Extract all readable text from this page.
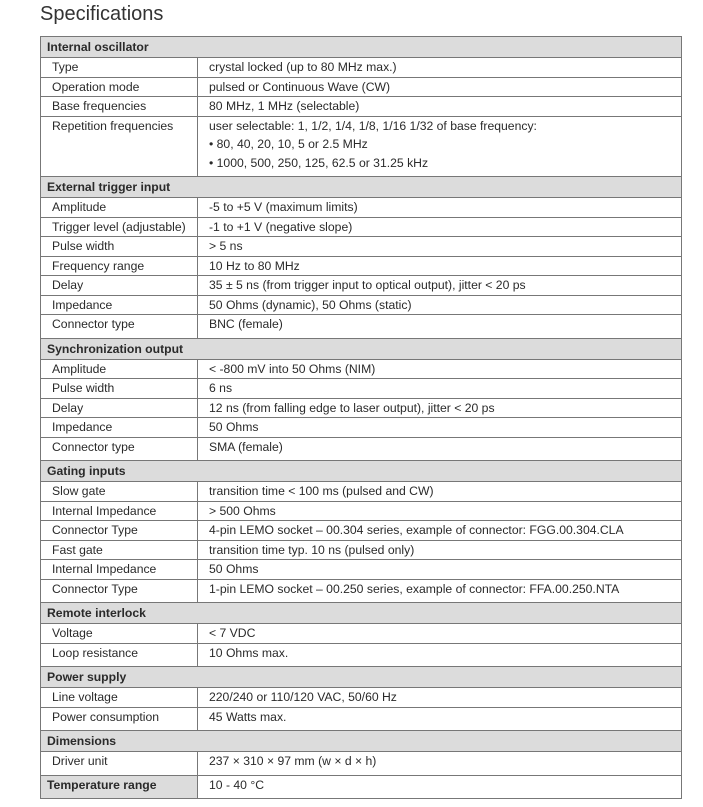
Specifications
Internal oscillator	
Type	crystal locked (up to 80 MHz max.)

Operation mode	pulsed or Continuous Wave (CW)

Base frequencies	80 MHz, 1 MHz (selectable)

Repetition frequencies	user selectable: 1, 1/2, 1/4, 1/8, 1/16 1/32 of base frequency:
• 80, 40, 20, 10, 5 or 2.5 MHz
• 1000, 500, 250, 125, 62.5 or 31.25 kHz

External trigger input	
Amplitude	-5 to +5 V (maximum limits)

Trigger level (adjustable)	-1 to +1 V (negative slope)

Pulse width	> 5 ns

Frequency range	10 Hz to 80 MHz

Delay	35 ± 5 ns (from trigger input to optical output), jitter < 20 ps

Impedance	50 Ohms (dynamic), 50 Ohms (static)

Connector type	BNC (female)

Synchronization output	
Amplitude	< -800 mV into 50 Ohms (NIM)

Pulse width	6 ns

Delay	12 ns (from falling edge to laser output), jitter < 20 ps

Impedance	50 Ohms

Connector type	SMA (female)

Gating inputs	
Slow gate	transition time < 100 ms (pulsed and CW)

Internal Impedance	> 500 Ohms

Connector Type	4-pin LEMO socket – 00.304 series, example of connector: FGG.00.304.CLA

Fast gate	transition time typ. 10 ns (pulsed only)

Internal Impedance	50 Ohms

Connector Type	1-pin LEMO socket – 00.250 series, example of connector: FFA.00.250.NTA

Remote interlock	
Voltage	< 7 VDC

Loop resistance	10 Ohms max.

Power supply	
Line voltage	220/240 or 110/120 VAC, 50/60 Hz

Power consumption	45 Watts max.

Dimensions	
Driver unit	237 × 310 × 97 mm (w × d × h)

Temperature range	10 - 40 °C
